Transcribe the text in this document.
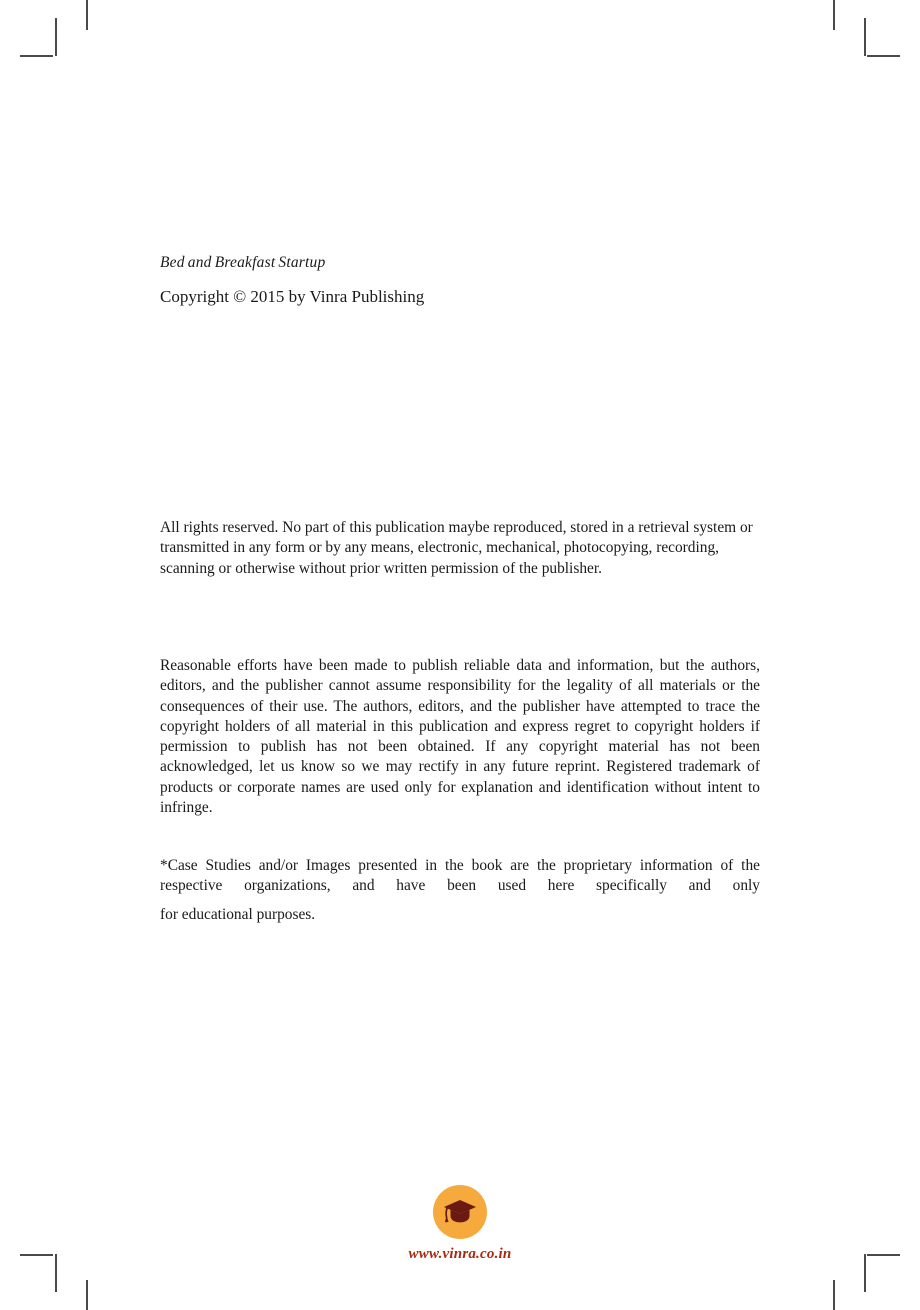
Bed and Breakfast Startup
Copyright © 2015 by Vinra Publishing
All rights reserved. No part of this publication maybe reproduced, stored in a retrieval system or transmitted in any form or by any means, electronic, mechanical, photocopying, recording, scanning or otherwise without prior written permission of the publisher.
Reasonable efforts have been made to publish reliable data and information, but the authors, editors, and the publisher cannot assume responsibility for the legality of all materials or the consequences of their use. The authors, editors, and the publisher have attempted to trace the copyright holders of all material in this publication and express regret to copyright holders if permission to publish has not been obtained. If any copyright material has not been acknowledged, let us know so we may rectify in any future reprint. Registered trademark of products or corporate names are used only for explanation and identification without intent to infringe.
*Case Studies and/or Images presented in the book are the proprietary information of the respective organizations, and have been used here specifically and only
for educational purposes.
www.vinra.co.in
